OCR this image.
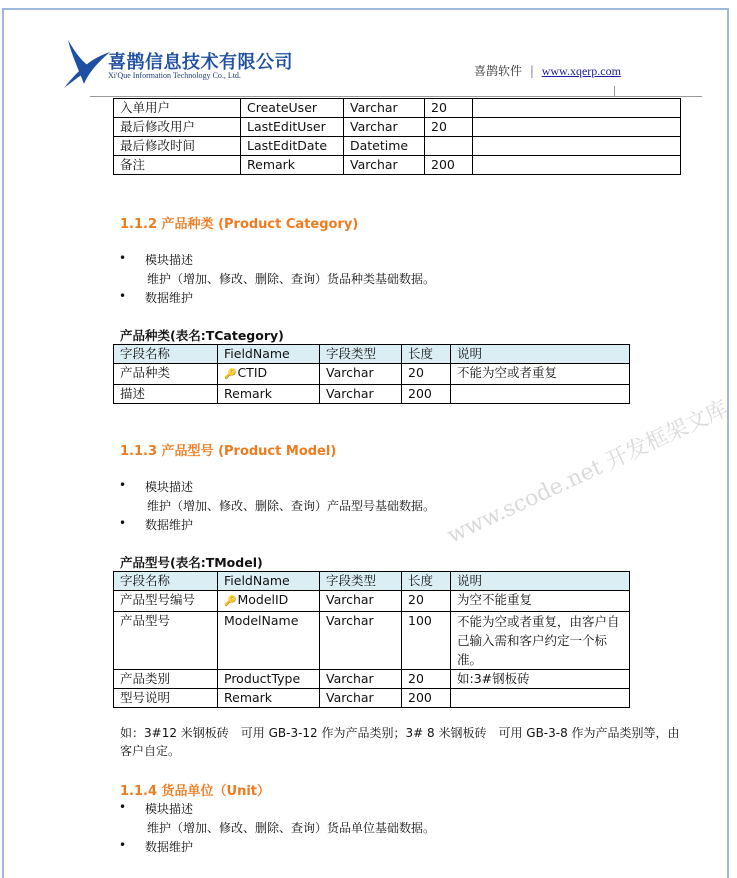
喜鹊信息技术有限公司
Xi'Que Information Technology Co., Ltd.	喜鹊软件 | www.xqerp.com
www.scode.net 开发框架文库
入单用户	CreateUser	Varchar	20	
最后修改用户	LastEditUser	Varchar	20	
最后修改时间	LastEditDate	Datetime		
备注	Remark	Varchar	200	
1.1.2 产品种类 (Product Category)
• 模块描述
维护（增加、修改、删除、查询）货品种类基础数据。
• 数据维护
产品种类(表名:TCategory)
字段名称	FieldName	字段类型	长度	说明
产品种类	🔑CTID	Varchar	20	不能为空或者重复
描述	Remark	Varchar	200	
1.1.3 产品型号 (Product Model)
• 模块描述
维护（增加、修改、删除、查询）产品型号基础数据。
• 数据维护
产品型号(表名:TModel)
字段名称	FieldName	字段类型	长度	说明
产品型号编号	🔑ModelID	Varchar	20	为空不能重复
产品型号	ModelName	Varchar	100	不能为空或者重复，由客户自己输入需和客户约定一个标准。
产品类别	ProductType	Varchar	20	如:3#钢板砖
型号说明	Remark	Varchar	200	
如：3#12 米钢板砖　可用 GB-3-12 作为产品类别；3# 8 米钢板砖　可用 GB-3-8 作为产品类别等，由客户自定。
1.1.4 货品单位（Unit）
• 模块描述
维护（增加、修改、删除、查询）货品单位基础数据。
• 数据维护
